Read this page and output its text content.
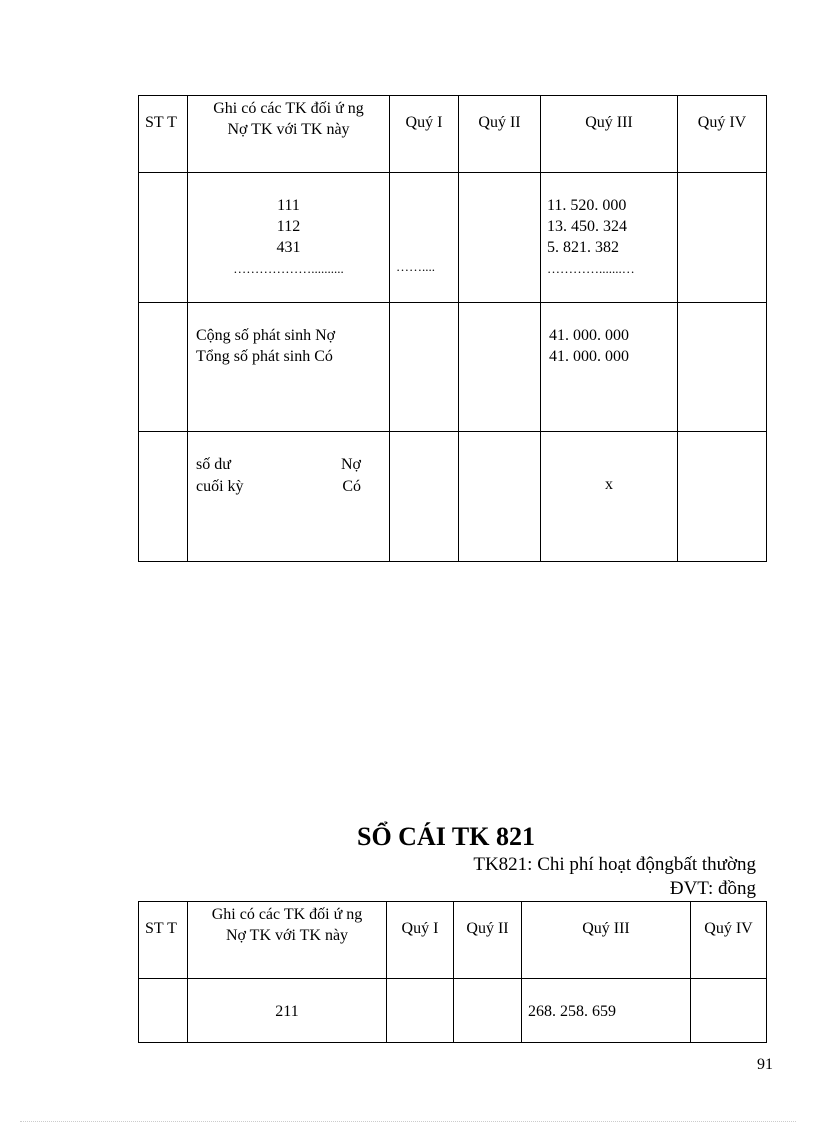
ST T	Ghi có các TK đối ứ ng
Nợ TK với TK này	Quý I	Quý II	Quý III	Quý IV

	111
112
431
………………..........	……....		11. 520. 000
13. 450. 324
5. 821. 382
………….......…	

	Cộng số phát sinh Nợ
Tổng số phát sinh Có			41. 000. 000
41. 000. 000	

	số dư Nợ
cuối kỳ Có			x	
SỔ CÁI TK 821
TK821: Chi phí hoạt độngbất thường
ĐVT: đồng
ST T	Ghi có các TK đối ứ ng
Nợ TK với TK này	Quý I	Quý II	Quý III	Quý IV
	211			268. 258. 659	
91
